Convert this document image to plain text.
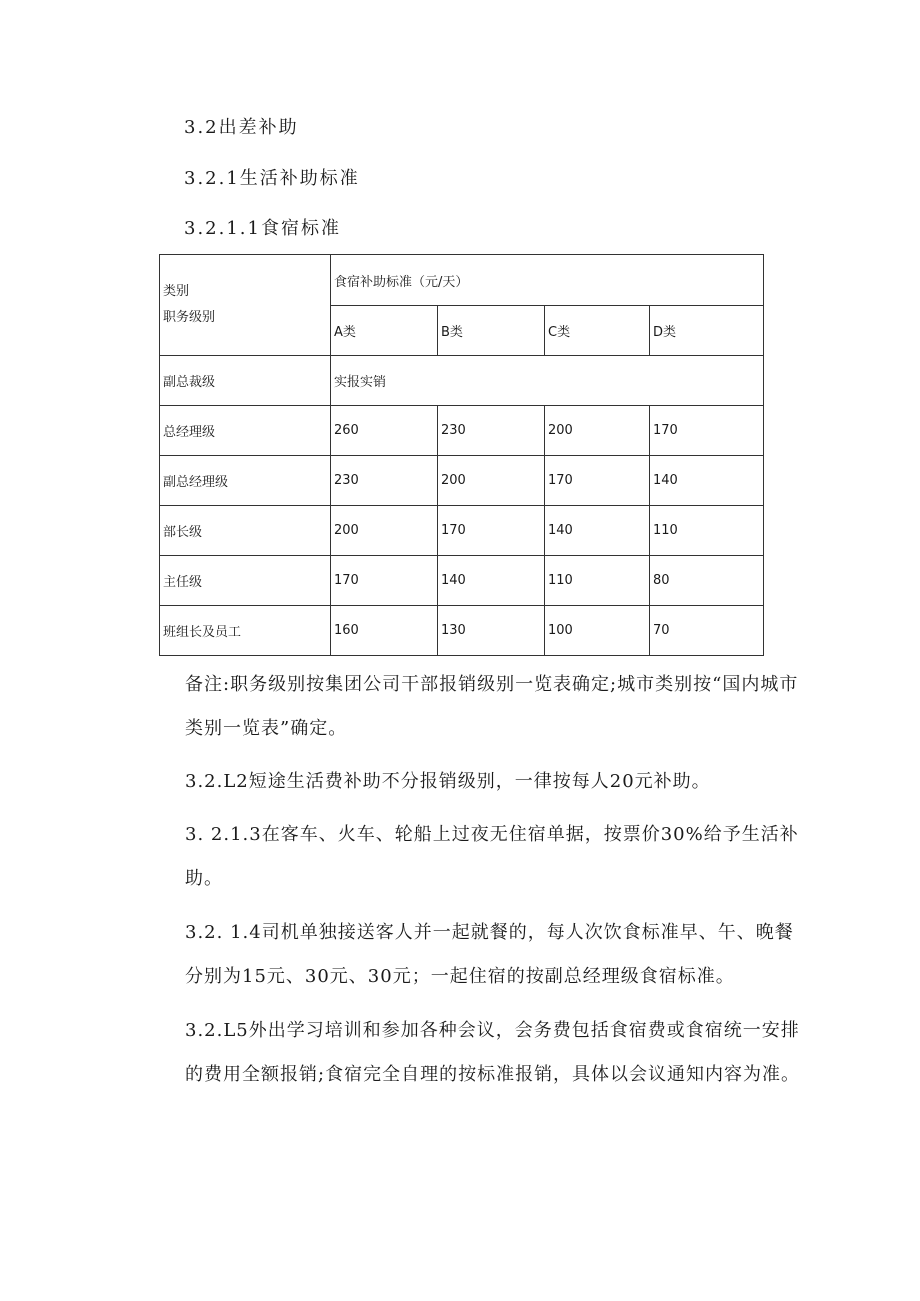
3.2出差补助
3.2.1生活补助标准
3.2.1.1食宿标准
类别
职务级别	食宿补助标准（元/天）			
	A类	B类	C类	D类
副总裁级	实报实销			
总经理级	260	230	200	170
副总经理级	230	200	170	140
部长级	200	170	140	110
主任级	170	140	110	80
班组长及员工	160	130	100	70
备注:职务级别按集团公司干部报销级别一览表确定;城市类别按“国内城市类别一览表”确定。
3.2.L2短途生活费补助不分报销级别，一律按每人20元补助。
3. 2.1.3在客车、火车、轮船上过夜无住宿单据，按票价30%给予生活补助。
3.2. 1.4司机单独接送客人并一起就餐的，每人次饮食标准早、午、晚餐分别为15元、30元、30元；一起住宿的按副总经理级食宿标准。
3.2.L5外出学习培训和参加各种会议，会务费包括食宿费或食宿统一安排的费用全额报销;食宿完全自理的按标准报销，具体以会议通知内容为准。
